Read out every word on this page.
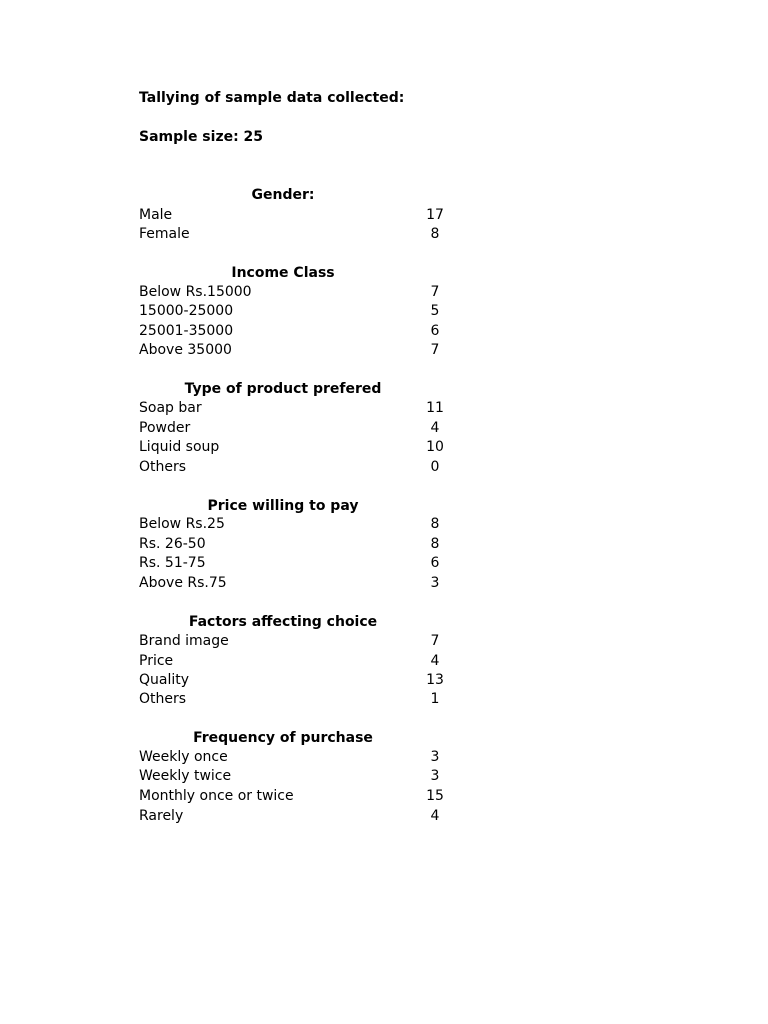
Tallying of sample data collected:
Sample size: 25
Gender:
Male	17
Female	8
Income Class
Below Rs.15000	7
15000-25000	5
25001-35000	6
Above 35000	7
Type of product prefered
Soap bar	11
Powder	4
Liquid soup	10
Others	0
Price willing to pay
Below Rs.25	8
Rs. 26-50	8
Rs. 51-75	6
Above Rs.75	3
Factors affecting choice
Brand image	7
Price	4
Quality	13
Others	1
Frequency of purchase
Weekly once	3
Weekly twice	3
Monthly once or twice	15
Rarely	4
